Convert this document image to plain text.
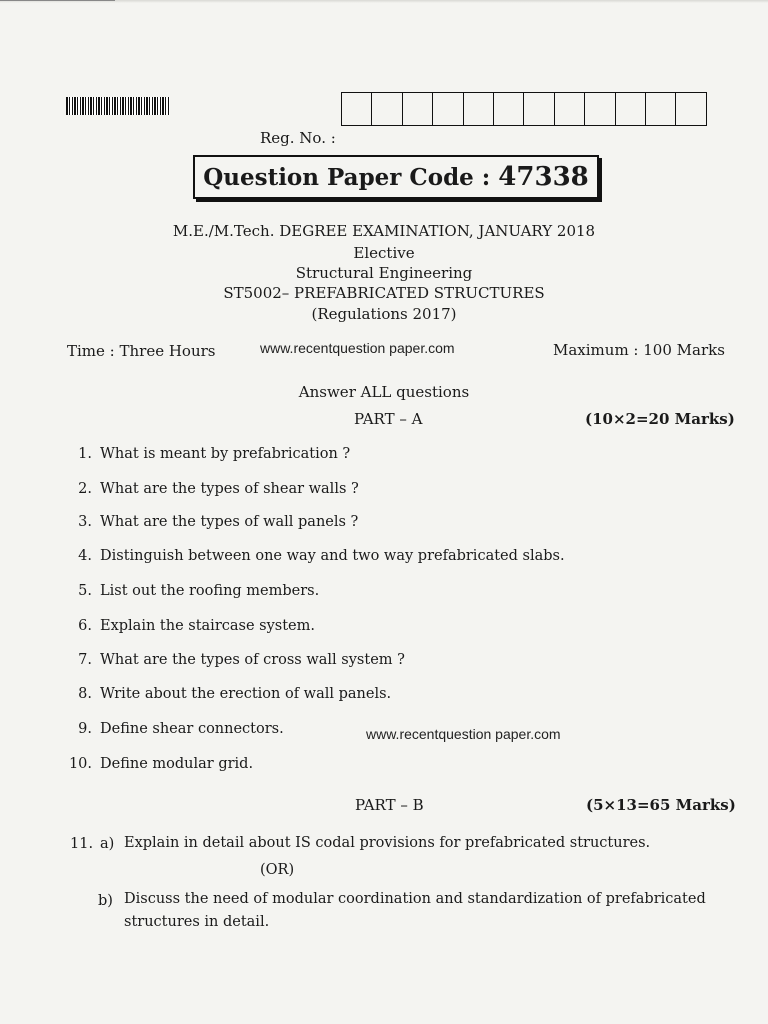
Reg. No. :
Question Paper Code : 47338
M.E./M.Tech. DEGREE EXAMINATION, JANUARY 2018
Elective
Structural Engineering
ST5002– PREFABRICATED STRUCTURES
(Regulations 2017)
Time : Three Hours	www.recentquestion paper.com	Maximum : 100 Marks
Answer ALL questions
PART – A	(10×2=20 Marks)
1. What is meant by prefabrication ?
2. What are the types of shear walls ?
3. What are the types of wall panels ?
4. Distinguish between one way and two way prefabricated slabs.
5. List out the roofing members.
6. Explain the staircase system.
7. What are the types of cross wall system ?
8. Write about the erection of wall panels.
9. Define shear connectors.
10. Define modular grid.
www.recentquestion paper.com
PART – B	(5×13=65 Marks)
11. a) Explain in detail about IS codal provisions for prefabricated structures.
(OR)
b) Discuss the need of modular coordination and standardization of prefabricated
structures in detail.
